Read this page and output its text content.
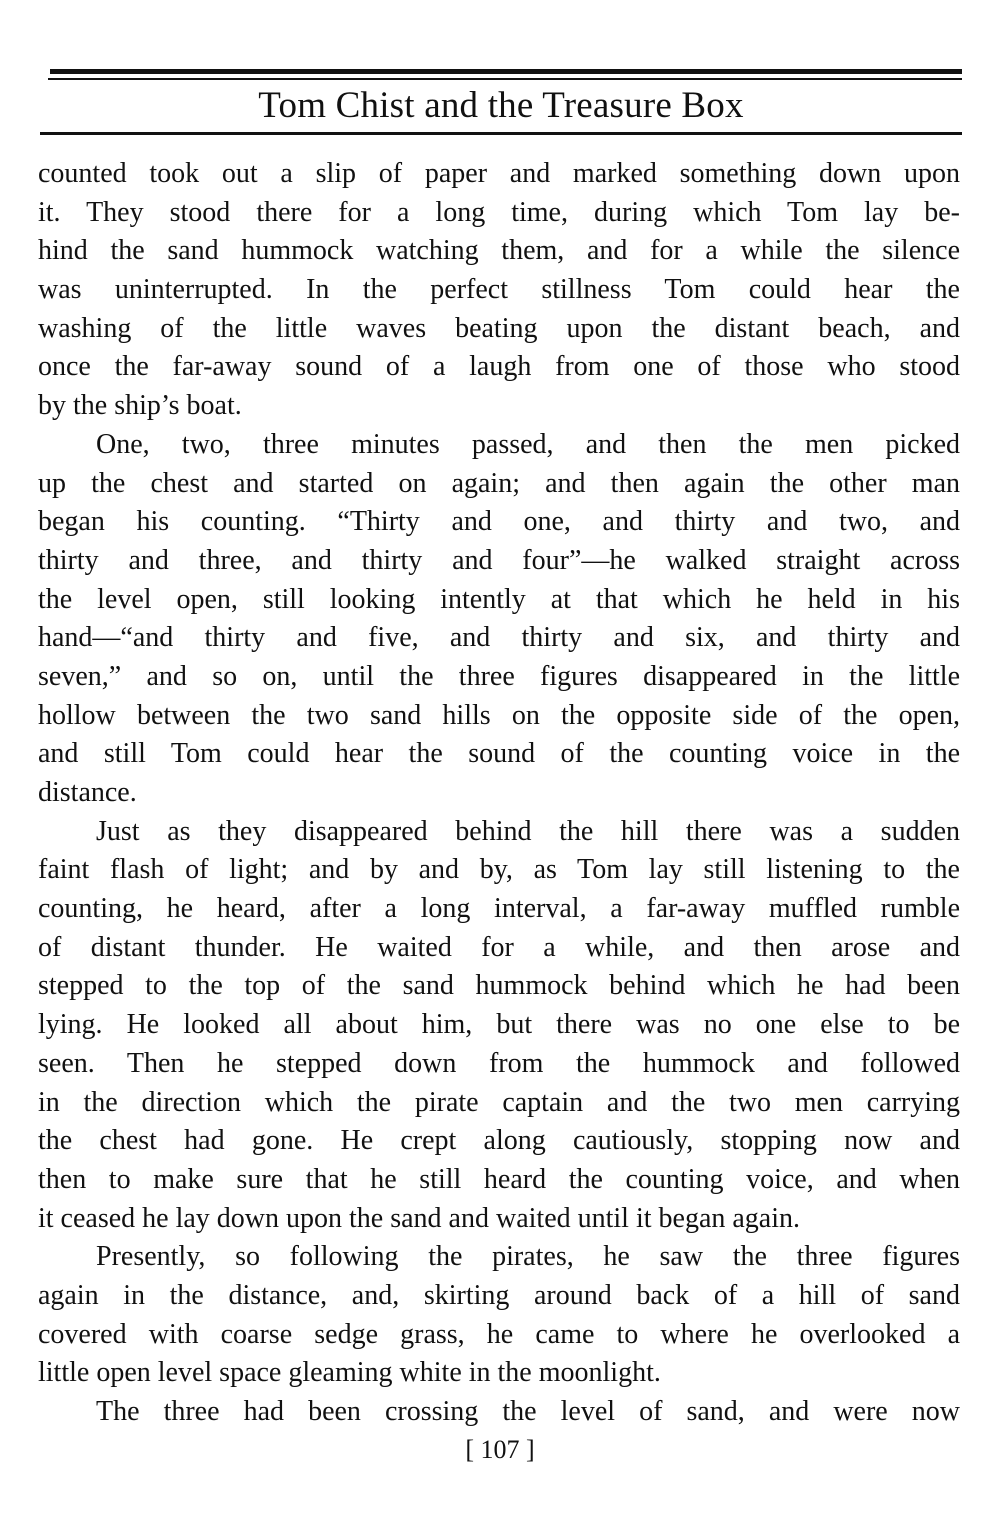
Tom Chist and the Treasure Box
counted took out a slip of paper and marked something down upon
it. They stood there for a long time, during which Tom lay be-
hind the sand hummock watching them, and for a while the silence
was uninterrupted. In the perfect stillness Tom could hear the
washing of the little waves beating upon the distant beach, and
once the far-away sound of a laugh from one of those who stood
by the ship’s boat.
One, two, three minutes passed, and then the men picked
up the chest and started on again; and then again the other man
began his counting. “Thirty and one, and thirty and two, and
thirty and three, and thirty and four”—he walked straight across
the level open, still looking intently at that which he held in his
hand—“and thirty and five, and thirty and six, and thirty and
seven,” and so on, until the three figures disappeared in the little
hollow between the two sand hills on the opposite side of the open,
and still Tom could hear the sound of the counting voice in the
distance.
Just as they disappeared behind the hill there was a sudden
faint flash of light; and by and by, as Tom lay still listening to the
counting, he heard, after a long interval, a far-away muffled rumble
of distant thunder. He waited for a while, and then arose and
stepped to the top of the sand hummock behind which he had been
lying. He looked all about him, but there was no one else to be
seen. Then he stepped down from the hummock and followed
in the direction which the pirate captain and the two men carrying
the chest had gone. He crept along cautiously, stopping now and
then to make sure that he still heard the counting voice, and when
it ceased he lay down upon the sand and waited until it began again.
Presently, so following the pirates, he saw the three figures
again in the distance, and, skirting around back of a hill of sand
covered with coarse sedge grass, he came to where he overlooked a
little open level space gleaming white in the moonlight.
The three had been crossing the level of sand, and were now
[ 107 ]
